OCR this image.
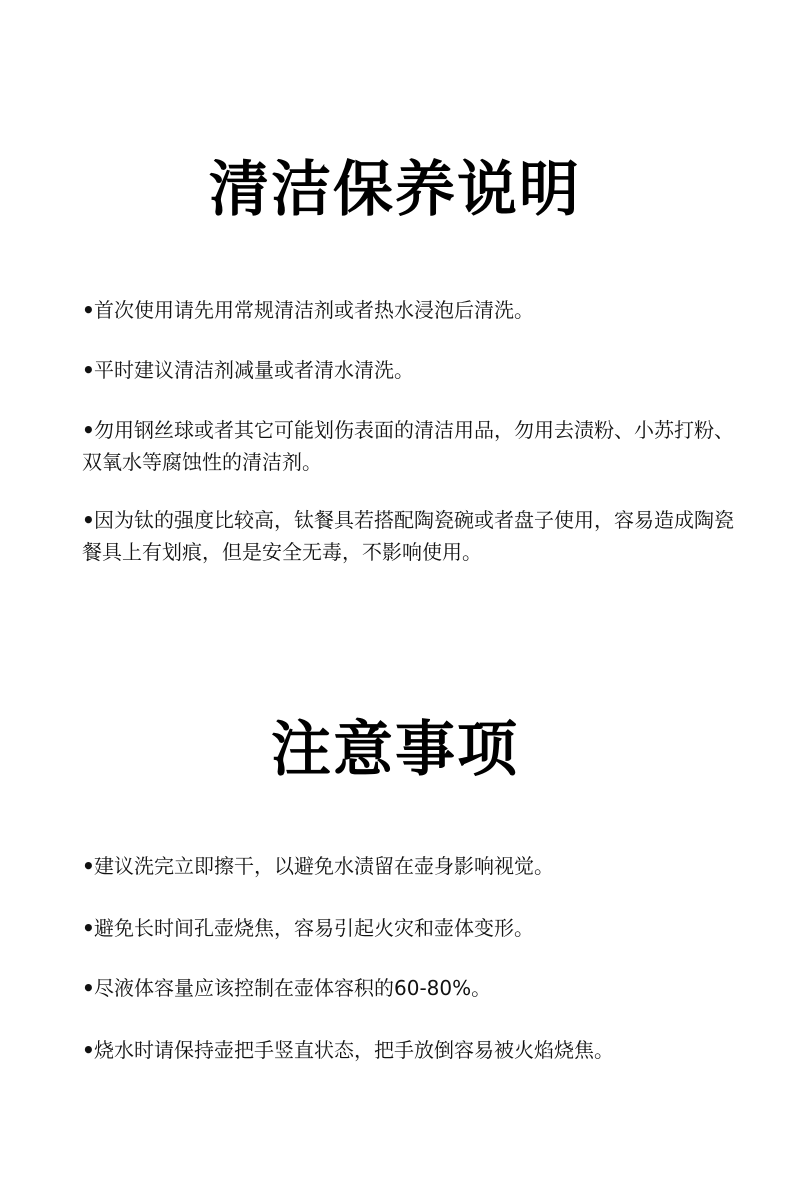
清洁保养说明

•首次使用请先用常规清洁剂或者热水浸泡后清洗。

•平时建议清洁剂减量或者清水清洗。

•勿用钢丝球或者其它可能划伤表面的清洁用品，勿用去渍粉、小苏打粉、双氧水等腐蚀性的清洁剂。

•因为钛的强度比较高，钛餐具若搭配陶瓷碗或者盘子使用，容易造成陶瓷餐具上有划痕，但是安全无毒，不影响使用。

注意事项

•建议洗完立即擦干，以避免水渍留在壶身影响视觉。

•避免长时间孔壶烧焦，容易引起火灾和壶体变形。

•尽液体容量应该控制在壶体容积的60-80%。

•烧水时请保持壶把手竖直状态，把手放倒容易被火焰烧焦。
